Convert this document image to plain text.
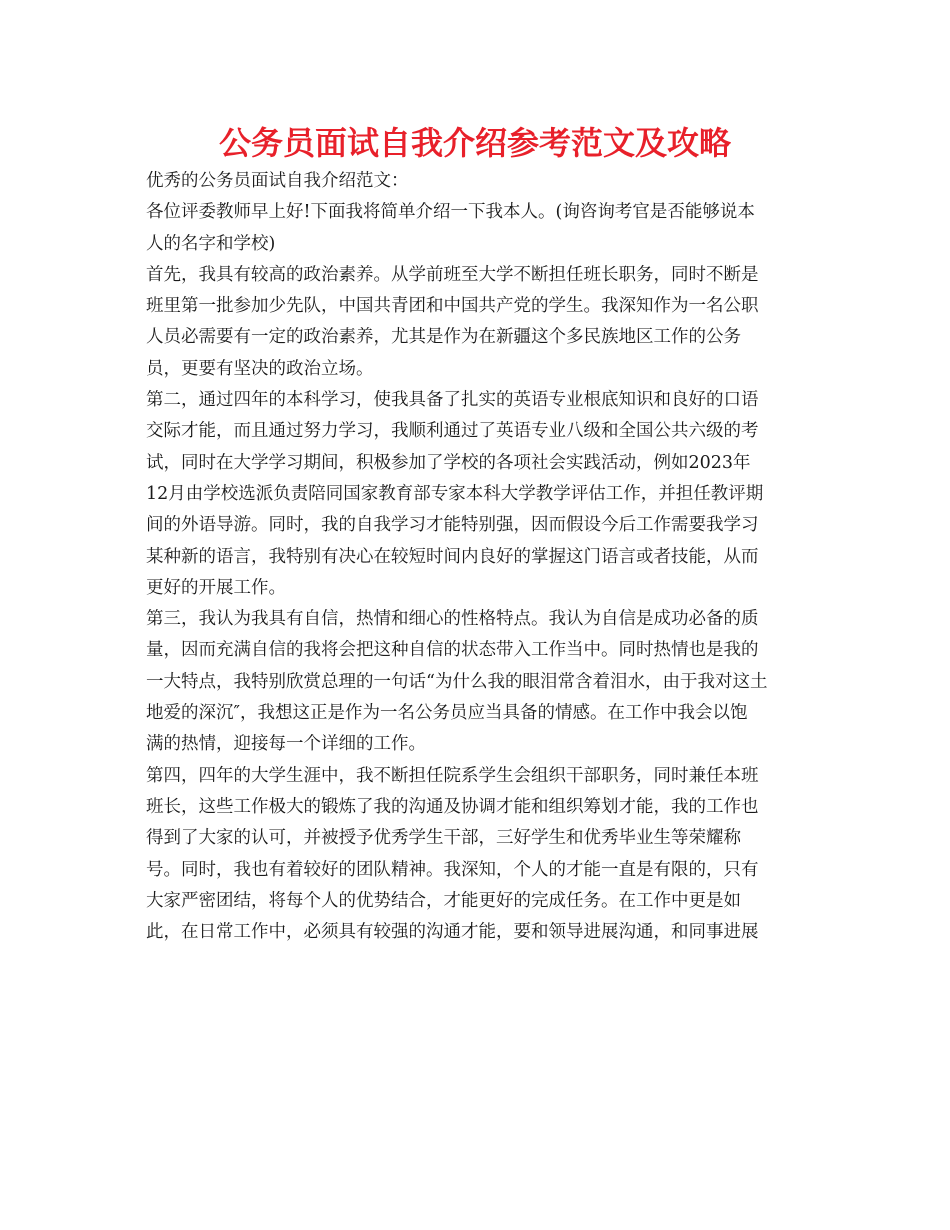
公务员面试自我介绍参考范文及攻略
优秀的公务员面试自我介绍范文：
各位评委教师早上好!下面我将简单介绍一下我本人。(询咨询考官是否能够说本
人的名字和学校)
首先，我具有较高的政治素养。从学前班至大学不断担任班长职务，同时不断是
班里第一批参加少先队，中国共青团和中国共产党的学生。我深知作为一名公职
人员必需要有一定的政治素养，尤其是作为在新疆这个多民族地区工作的公务
员，更要有坚决的政治立场。
第二，通过四年的本科学习，使我具备了扎实的英语专业根底知识和良好的口语
交际才能，而且通过努力学习，我顺利通过了英语专业八级和全国公共六级的考
试，同时在大学学习期间，积极参加了学校的各项社会实践活动，例如2023年
12月由学校选派负责陪同国家教育部专家本科大学教学评估工作，并担任教评期
间的外语导游。同时，我的自我学习才能特别强，因而假设今后工作需要我学习
某种新的语言，我特别有决心在较短时间内良好的掌握这门语言或者技能，从而
更好的开展工作。
第三，我认为我具有自信，热情和细心的性格特点。我认为自信是成功必备的质
量，因而充满自信的我将会把这种自信的状态带入工作当中。同时热情也是我的
一大特点，我特别欣赏总理的一句话“为什么我的眼泪常含着泪水，由于我对这土
地爱的深沉″，我想这正是作为一名公务员应当具备的情感。在工作中我会以饱
满的热情，迎接每一个详细的工作。
第四，四年的大学生涯中，我不断担任院系学生会组织干部职务，同时兼任本班
班长，这些工作极大的锻炼了我的沟通及协调才能和组织筹划才能，我的工作也
得到了大家的认可，并被授予优秀学生干部，三好学生和优秀毕业生等荣耀称
号。同时，我也有着较好的团队精神。我深知，个人的才能一直是有限的，只有
大家严密团结，将每个人的优势结合，才能更好的完成任务。在工作中更是如
此，在日常工作中，必须具有较强的沟通才能，要和领导进展沟通，和同事进展
